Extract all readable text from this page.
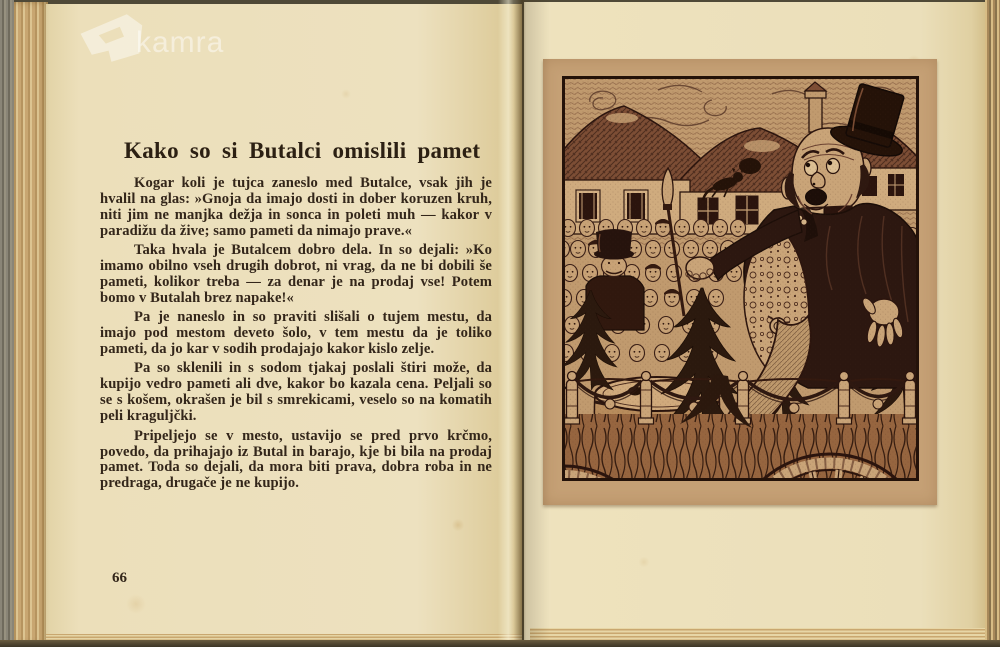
kamra
Kako so si Butalci omislili pamet

Kogar koli je tujca zaneslo med Butalce, vsak jih je hvalil na glas: »Gnoja da imajo dosti in dober koruzen kruh, niti jim ne manjka dežja in sonca in poleti muh — kakor v paradižu da žive; samo pameti da nimajo prave.«

Taka hvala je Butalcem dobro dela. In so dejali: »Ko imamo obilno vseh drugih dobrot, ni vrag, da ne bi dobili še pameti, kolikor treba — za denar je na prodaj vse! Potem bomo v Butalah brez napake!«

Pa je naneslo in so praviti slišali o tujem mestu, da imajo pod mestom deveto šolo, v tem mestu da je toliko pameti, da jo kar v sodih prodajajo kakor kislo zelje.

Pa so sklenili in s sodom tjakaj poslali štiri može, da kupijo vedro pameti ali dve, kakor bo kazala cena. Peljali so se s košem, okrašen je bil s smrekicami, veselo so na komatih peli kraguljčki.

Pripeljejo se v mesto, ustavijo se pred prvo krčmo, povedo, da prihajajo iz Butal in barajo, kje bi bila na prodaj pamet. Toda so dejali, da mora biti prava, dobra roba in ne predraga, drugače je ne kupijo.

66
